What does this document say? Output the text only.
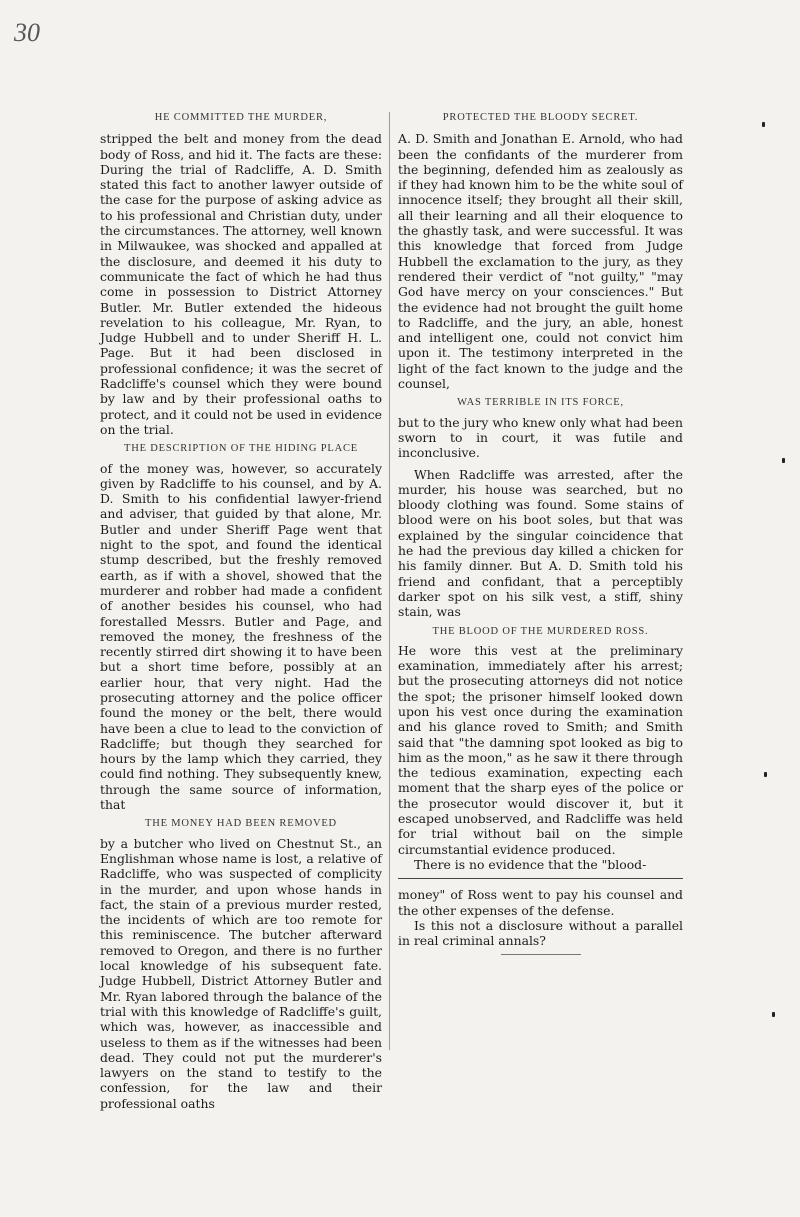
30
HE COMMITTED THE MURDER,

stripped the belt and money from the dead body of Ross, and hid it. The facts are these: During the trial of Radcliffe, A. D. Smith stated this fact to another lawyer outside of the case for the purpose of asking advice as to his professional and Christian duty, under the circumstances. The attorney, well known in Milwaukee, was shocked and appalled at the disclosure, and deemed it his duty to communicate the fact of which he had thus come in possession to District Attorney Butler. Mr. Butler extended the hideous revelation to his colleague, Mr. Ryan, to Judge Hubbell and to under Sheriff H. L. Page. But it had been disclosed in professional confidence; it was the secret of Radcliffe's counsel which they were bound by law and by their professional oaths to protect, and it could not be used in evidence on the trial.

THE DESCRIPTION OF THE HIDING PLACE

of the money was, however, so accurately given by Radcliffe to his counsel, and by A. D. Smith to his confidential lawyer-friend and adviser, that guided by that alone, Mr. Butler and under Sheriff Page went that night to the spot, and found the identical stump described, but the freshly removed earth, as if with a shovel, showed that the murderer and robber had made a confident of another besides his counsel, who had forestalled Messrs. Butler and Page, and removed the money, the freshness of the recently stirred dirt showing it to have been but a short time before, possibly at an earlier hour, that very night. Had the prosecuting attorney and the police officer found the money or the belt, there would have been a clue to lead to the conviction of Radcliffe; but though they searched for hours by the lamp which they carried, they could find nothing. They subsequently knew, through the same source of information, that

THE MONEY HAD BEEN REMOVED

by a butcher who lived on Chestnut St., an Englishman whose name is lost, a relative of Radcliffe, who was suspected of complicity in the murder, and upon whose hands in fact, the stain of a previous murder rested, the incidents of which are too remote for this reminiscence. The butcher afterward removed to Oregon, and there is no further local knowledge of his subsequent fate. Judge Hubbell, District Attorney Butler and Mr. Ryan labored through the balance of the trial with this knowledge of Radcliffe's guilt, which was, however, as inaccessible and useless to them as if the witnesses had been dead. They could not put the murderer's lawyers on the stand to testify to the confession, for the law and their professional oaths

PROTECTED THE BLOODY SECRET.

A. D. Smith and Jonathan E. Arnold, who had been the confidants of the murderer from the beginning, defended him as zealously as if they had known him to be the white soul of innocence itself; they brought all their skill, all their learning and all their eloquence to the ghastly task, and were successful. It was this knowledge that forced from Judge Hubbell the exclamation to the jury, as they rendered their verdict of "not guilty," "may God have mercy on your consciences." But the evidence had not brought the guilt home to Radcliffe, and the jury, an able, honest and intelligent one, could not convict him upon it. The testimony interpreted in the light of the fact known to the judge and the counsel,

WAS TERRIBLE IN ITS FORCE,

but to the jury who knew only what had been sworn to in court, it was futile and inconclusive.

When Radcliffe was arrested, after the murder, his house was searched, but no bloody clothing was found. Some stains of blood were on his boot soles, but that was explained by the singular coincidence that he had the previous day killed a chicken for his family dinner. But A. D. Smith told his friend and confidant, that a perceptibly darker spot on his silk vest, a stiff, shiny stain, was

THE BLOOD OF THE MURDERED ROSS.

He wore this vest at the preliminary examination, immediately after his arrest; but the prosecuting attorneys did not notice the spot; the prisoner himself looked down upon his vest once during the examination and his glance roved to Smith; and Smith said that "the damning spot looked as big to him as the moon," as he saw it there through the tedious examination, expecting each moment that the sharp eyes of the police or the prosecutor would discover it, but it escaped unobserved, and Radcliffe was held for trial without bail on the simple circumstantial evidence produced.

There is no evidence that the "blood-

money" of Ross went to pay his counsel and the other expenses of the defense.

Is this not a disclosure without a parallel in real criminal annals?
